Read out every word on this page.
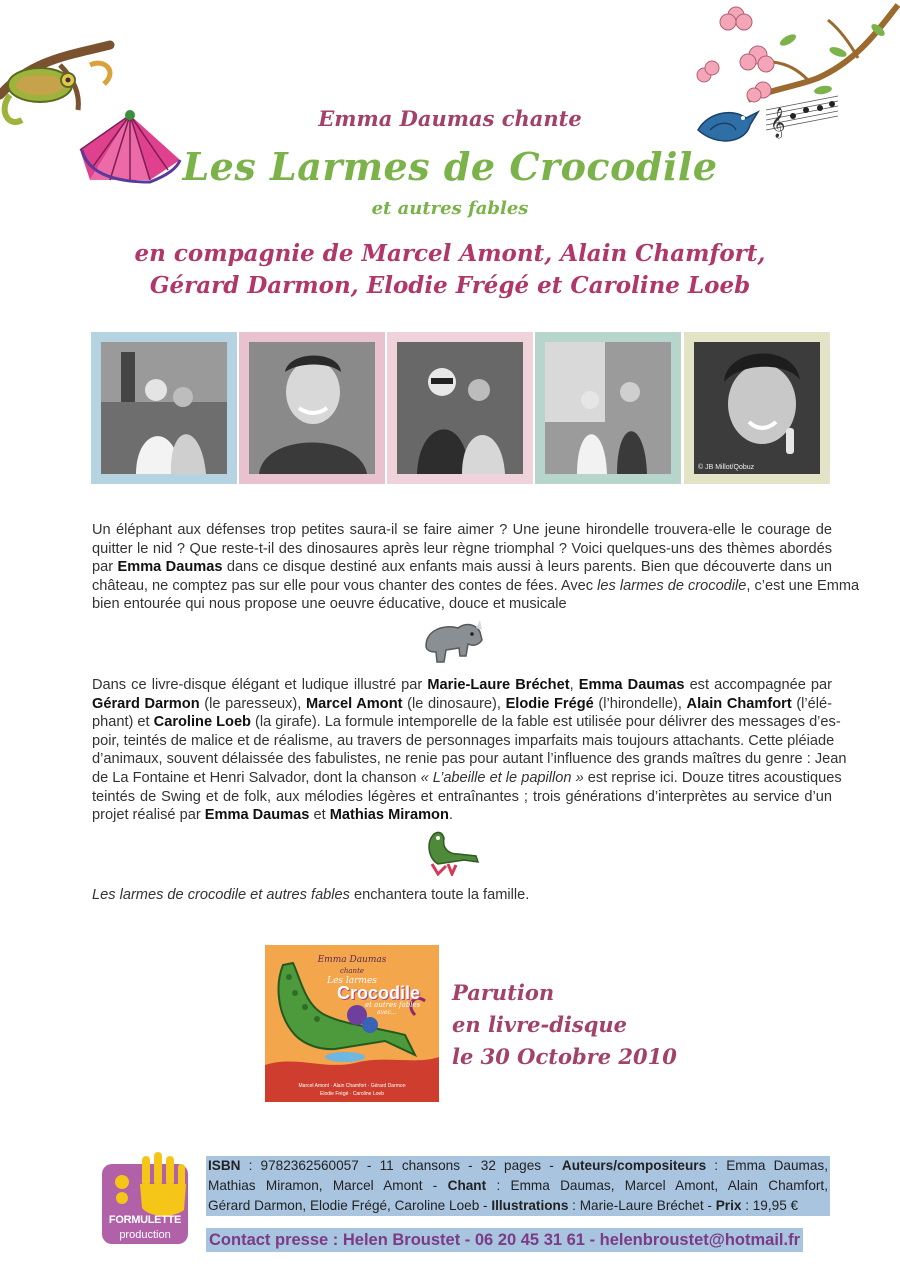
𝄞
Emma Daumas chante
Les Larmes de Crocodile
et autres fables
en compagnie de Marcel Amont, Alain Chamfort,
Gérard Darmon, Elodie Frégé et Caroline Loeb
© JB Millot/Qobuz
Un éléphant aux défenses trop petites saura-il se faire aimer ? Une jeune hirondelle trouvera-elle le courage de
quitter le nid ? Que reste-t-il des dinosaures après leur règne triomphal ? Voici quelques-uns des thèmes abordés
par Emma Daumas dans ce disque destiné aux enfants mais aussi à leurs parents. Bien que découverte dans un
château, ne comptez pas sur elle pour vous chanter des contes de fées. Avec les larmes de crocodile, c’est une Emma
bien entourée qui nous propose une oeuvre éducative, douce et musicale
Dans ce livre-disque élégant et ludique illustré par Marie-Laure Bréchet, Emma Daumas est accompagnée par
Gérard Darmon (le paresseux), Marcel Amont (le dinosaure), Elodie Frégé (l’hirondelle), Alain Chamfort (l’élé-
phant) et Caroline Loeb (la girafe). La formule intemporelle de la fable est utilisée pour délivrer des messages d’es-
poir, teintés de malice et de réalisme, au travers de personnages imparfaits mais toujours attachants. Cette pléiade
d’animaux, souvent délaissée des fabulistes, ne renie pas pour autant l’influence des grands maîtres du genre : Jean
de La Fontaine et Henri Salvador, dont la chanson « L’abeille et le papillon » est reprise ici. Douze titres acoustiques
teintés de Swing et de folk, aux mélodies légères et entraînantes ; trois générations d’interprètes au service d’un
projet réalisé par Emma Daumas et Mathias Miramon.
Les larmes de crocodile et autres fables enchantera toute la famille.
Emma Daumas
chante
Les larmes
Crocodile
et autres fables
avec...
Marcel Amont · Alain Chamfort · Gérard Darmon
Elodie Frégé · Caroline Loeb
Parution
en livre-disque
le 30 Octobre 2010
FORMULETTE
production
ISBN : 9782362560057 - 11 chansons - 32 pages - Auteurs/compositeurs : Emma Daumas,
Mathias Miramon, Marcel Amont - Chant : Emma Daumas, Marcel Amont, Alain Chamfort,
Gérard Darmon, Elodie Frégé, Caroline Loeb - Illustrations : Marie-Laure Bréchet - Prix : 19,95 €
Contact presse : Helen Broustet - 06 20 45 31 61 - helenbroustet@hotmail.fr
